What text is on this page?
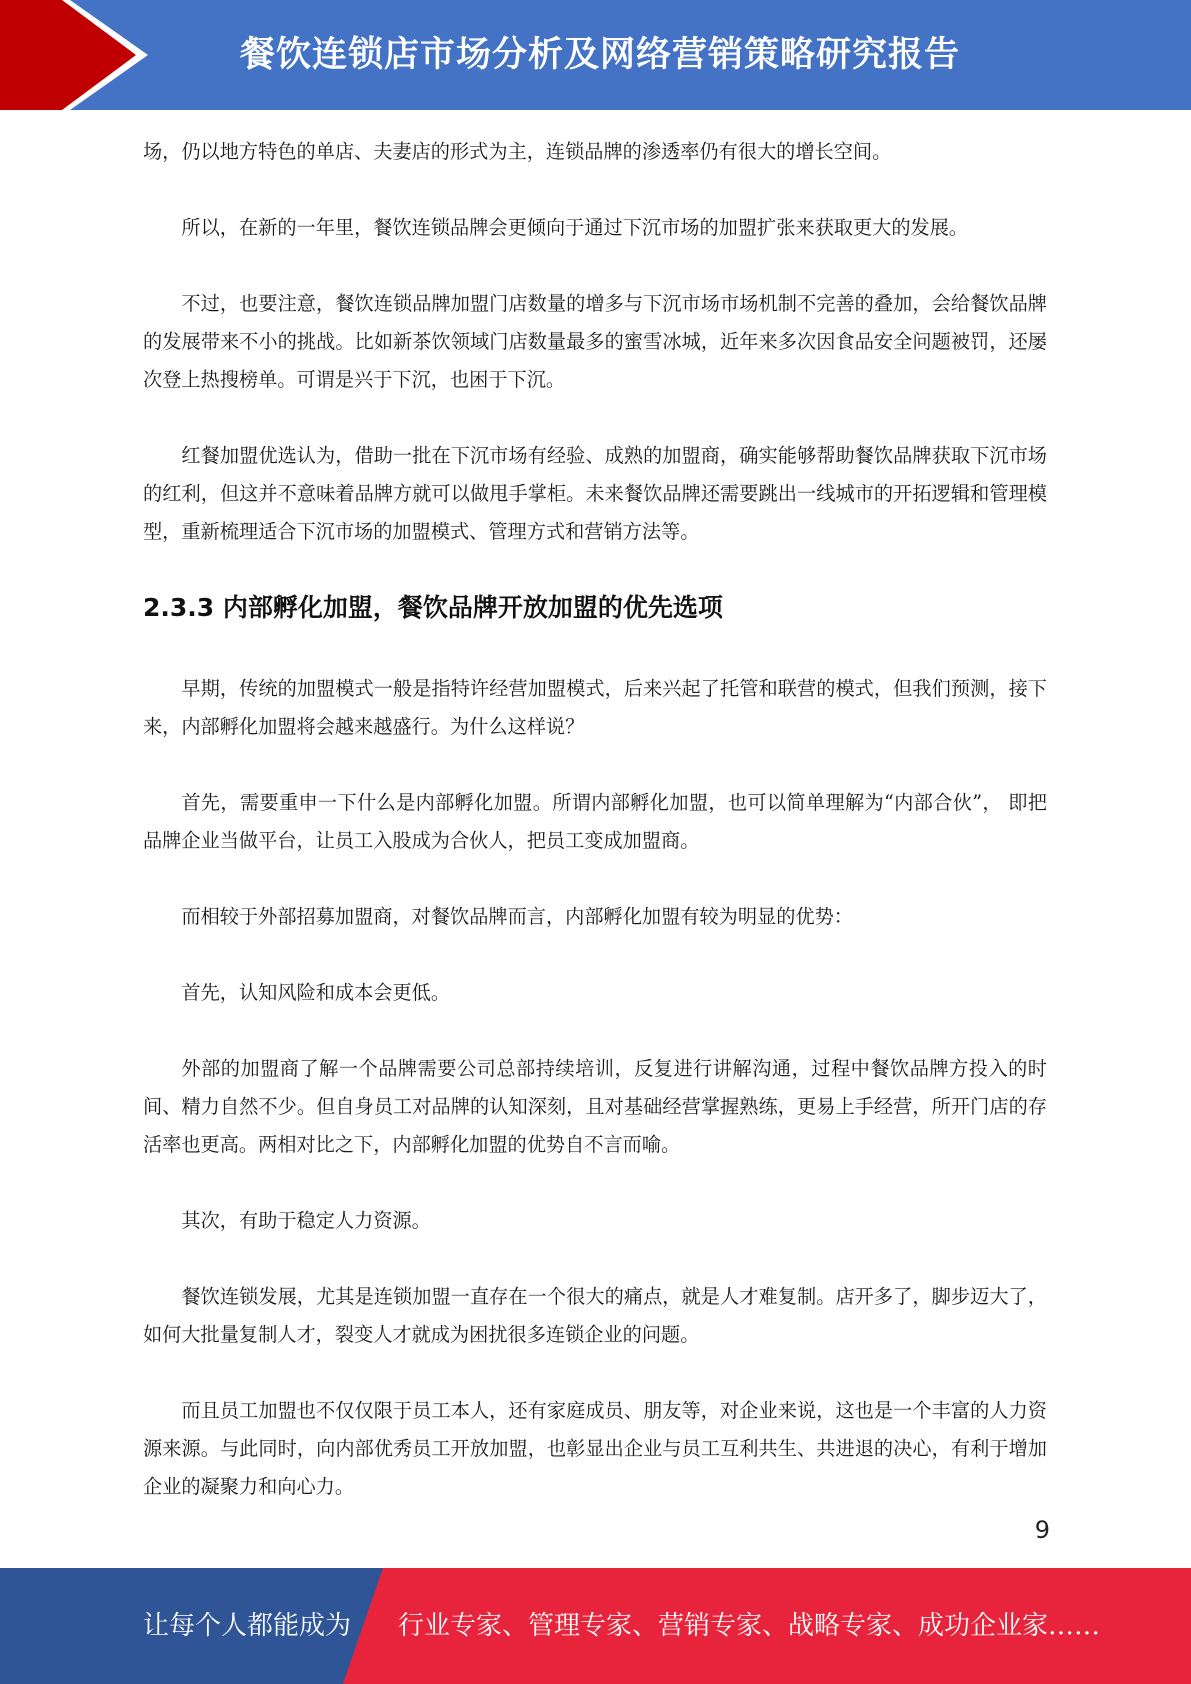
餐饮连锁店市场分析及网络营销策略研究报告

场，仍以地方特色的单店、夫妻店的形式为主，连锁品牌的渗透率仍有很大的增长空间。

所以，在新的一年里，餐饮连锁品牌会更倾向于通过下沉市场的加盟扩张来获取更大的发展。

不过，也要注意，餐饮连锁品牌加盟门店数量的增多与下沉市场市场机制不完善的叠加，会给餐饮品牌的发展带来不小的挑战。比如新茶饮领域门店数量最多的蜜雪冰城，近年来多次因食品安全问题被罚，还屡次登上热搜榜单。可谓是兴于下沉，也困于下沉。

红餐加盟优选认为，借助一批在下沉市场有经验、成熟的加盟商，确实能够帮助餐饮品牌获取下沉市场的红利，但这并不意味着品牌方就可以做甩手掌柜。未来餐饮品牌还需要跳出一线城市的开拓逻辑和管理模型，重新梳理适合下沉市场的加盟模式、管理方式和营销方法等。

2.3.3 内部孵化加盟，餐饮品牌开放加盟的优先选项

早期，传统的加盟模式一般是指特许经营加盟模式，后来兴起了托管和联营的模式，但我们预测，接下来，内部孵化加盟将会越来越盛行。为什么这样说？

首先，需要重申一下什么是内部孵化加盟。所谓内部孵化加盟，也可以简单理解为“内部合伙”， 即把品牌企业当做平台，让员工入股成为合伙人，把员工变成加盟商。

而相较于外部招募加盟商，对餐饮品牌而言，内部孵化加盟有较为明显的优势：

首先，认知风险和成本会更低。

外部的加盟商了解一个品牌需要公司总部持续培训，反复进行讲解沟通，过程中餐饮品牌方投入的时间、精力自然不少。但自身员工对品牌的认知深刻，且对基础经营掌握熟练，更易上手经营，所开门店的存活率也更高。两相对比之下，内部孵化加盟的优势自不言而喻。

其次，有助于稳定人力资源。

餐饮连锁发展，尤其是连锁加盟一直存在一个很大的痛点，就是人才难复制。店开多了，脚步迈大了，如何大批量复制人才，裂变人才就成为困扰很多连锁企业的问题。

而且员工加盟也不仅仅限于员工本人，还有家庭成员、朋友等，对企业来说，这也是一个丰富的人力资源来源。与此同时，向内部优秀员工开放加盟，也彰显出企业与员工互利共生、共进退的决心，有利于增加企业的凝聚力和向心力。

9
让每个人都能成为 行业专家、管理专家、营销专家、战略专家、成功企业家……
